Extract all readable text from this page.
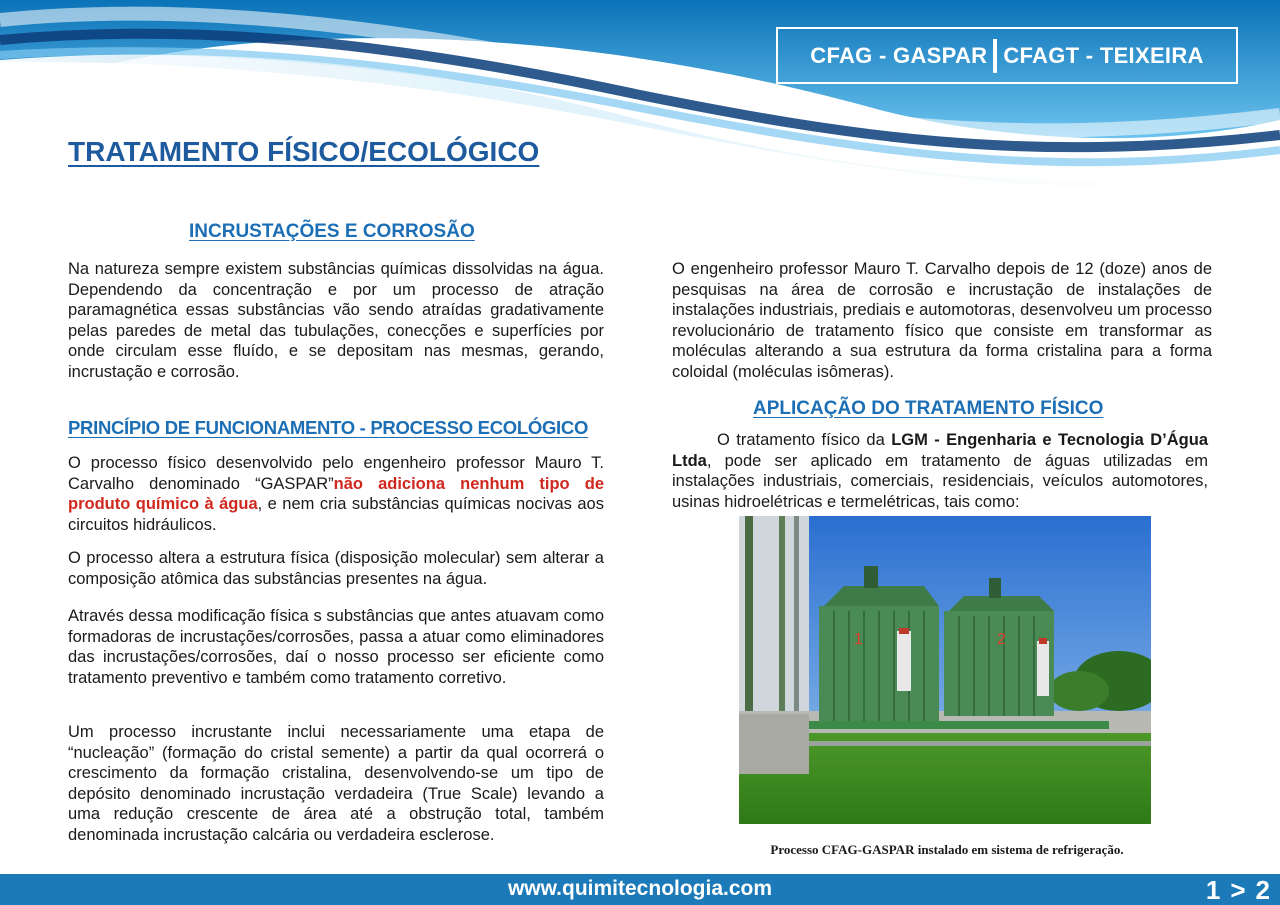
CFAG - GASPAR CFAGT - TEIXEIRA
TRATAMENTO FÍSICO/ECOLÓGICO
INCRUSTAÇÕES E CORROSÃO
Na natureza sempre existem substâncias químicas dissolvidas na água. Dependendo da concentração e por um processo de atração paramagnética essas substâncias vão sendo atraídas gradativamente pelas paredes de metal das tubulações, conecções e superfícies por onde circulam esse fluído, e se depositam nas mesmas, gerando, incrustação e corrosão.
PRINCÍPIO DE FUNCIONAMENTO - PROCESSO ECOLÓGICO
O processo físico desenvolvido pelo engenheiro professor Mauro T. Carvalho denominado “GASPAR”não adiciona nenhum tipo de produto químico à água, e nem cria substâncias químicas nocivas aos circuitos hidráulicos.
O processo altera a estrutura física (disposição molecular) sem alterar a composição atômica das substâncias presentes na água.
Através dessa modificação física s substâncias que antes atuavam como formadoras de incrustações/corrosões, passa a atuar como eliminadores das incrustações/corrosões, daí o nosso processo ser eficiente como tratamento preventivo e também como tratamento corretivo.
Um processo incrustante inclui necessariamente uma etapa de “nucleação” (formação do cristal semente) a partir da qual ocorrerá o crescimento da formação cristalina, desenvolvendo-se um tipo de depósito denominado incrustação verdadeira (True Scale) levando a uma redução crescente de área até a obstrução total, também denominada incrustação calcária ou verdadeira esclerose.
O engenheiro professor Mauro T. Carvalho depois de 12 (doze) anos de pesquisas na área de corrosão e incrustação de instalações de instalações industriais, prediais e automotoras, desenvolveu um processo revolucionário de tratamento físico que consiste em transformar as moléculas alterando a sua estrutura da forma cristalina para a forma coloidal (moléculas isômeras).
APLICAÇÃO DO TRATAMENTO FÍSICO
O tratamento físico da LGM - Engenharia e Tecnologia D’Água Ltda, pode ser aplicado em tratamento de águas utilizadas em instalações industriais, comerciais, residenciais, veículos automotores, usinas hidroelétricas e termelétricas, tais como:
1	2
Processo CFAG-GASPAR instalado em sistema de refrigeração.
www.quimitecnologia.com	1 > 2
